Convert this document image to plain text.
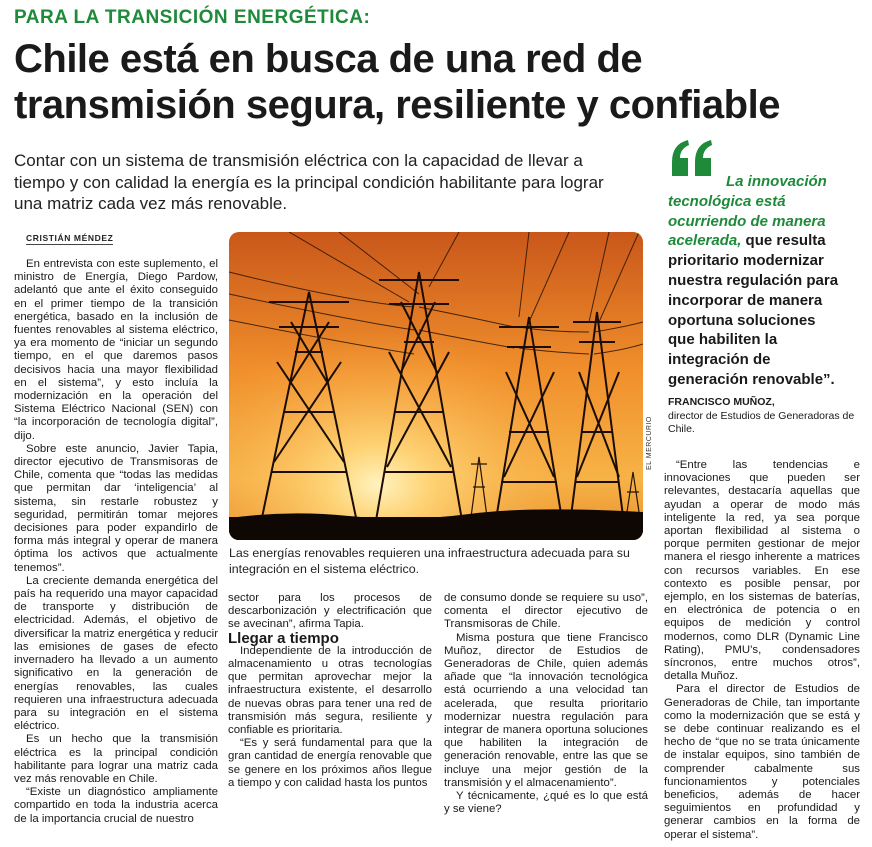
PARA LA TRANSICIÓN ENERGÉTICA:
Chile está en busca de una red de
transmisión segura, resiliente y confiable

Contar con un sistema de transmisión eléctrica con la capacidad de llevar a
tiempo y con calidad la energía es la principal condición habilitante para lograr
una matriz cada vez más renovable.

CRISTIÁN MÉNDEZ

En entrevista con este suplemento, el ministro de Energía, Diego Pardow, adelantó que ante el éxito conseguido en el primer tiempo de la transición energética, basado en la inclusión de fuentes renovables al sistema eléctrico, ya era momento de “iniciar un segundo tiempo, en el que daremos pasos decisivos hacia una mayor flexibilidad en el sistema”, y esto incluía la modernización en la operación del Sistema Eléctrico Nacional (SEN) con “la incorporación de tecnología digital”, dijo.

Sobre este anuncio, Javier Tapia, director ejecutivo de Transmisoras de Chile, comenta que “todas las medidas que permitan dar ‘inteligencia’ al sistema, sin restarle robustez y seguridad, permitirán tomar mejores decisiones para poder expandirlo de forma más integral y operar de manera óptima los activos que actualmente tenemos”.

La creciente demanda energética del país ha requerido una mayor capacidad de transporte y distribución de electricidad. Además, el objetivo de diversificar la matriz energética y reducir las emisiones de gases de efecto invernadero ha llevado a un aumento significativo en la generación de energías renovables, las cuales requieren una infraestructura adecuada para su integración en el sistema eléctrico.

Es un hecho que la transmisión eléctrica es la principal condición habilitante para lograr una matriz cada vez más renovable en Chile.

“Existe un diagnóstico ampliamente compartido en toda la industria acerca de la importancia crucial de nuestro

EL MERCURIO
Las energías renovables requieren una infraestructura adecuada para su
integración en el sistema eléctrico.

sector para los procesos de descarbonización y electrificación que se avecinan”, afirma Tapia.

Llegar a tiempo

Independiente de la introducción de almacenamiento u otras tecnologías que permitan aprovechar mejor la infraestructura existente, el desarrollo de nuevas obras para tener una red de transmisión más segura, resiliente y confiable es prioritaria.

“Es y será fundamental para que la gran cantidad de energía renovable que se genere en los próximos años llegue a tiempo y con calidad hasta los puntos

de consumo donde se requiere su uso”, comenta el director ejecutivo de Transmisoras de Chile.

Misma postura que tiene Francisco Muñoz, director de Estudios de Generadoras de Chile, quien además añade que “la innovación tecnológica está ocurriendo a una velocidad tan acelerada, que resulta prioritario modernizar nuestra regulación para integrar de manera oportuna soluciones que habiliten la integración de generación renovable, entre las que se incluye una mejor gestión de la transmisión y el almacenamiento”.

Y técnicamente, ¿qué es lo que está y se viene?

La innovación
tecnológica está
ocurriendo de manera
acelerada, que resulta
prioritario modernizar
nuestra regulación para
incorporar de manera
oportuna soluciones
que habiliten la
integración de
generación renovable”.
FRANCISCO MUÑOZ,
director de Estudios de Generadoras de Chile.

“Entre las tendencias e innovaciones que pueden ser relevantes, destacaría aquellas que ayudan a operar de modo más inteligente la red, ya sea porque aportan flexibilidad al sistema o porque permiten gestionar de mejor manera el riesgo inherente a matrices con recursos variables. En ese contexto es posible pensar, por ejemplo, en los sistemas de baterías, en electrónica de potencia o en equipos de medición y control modernos, como DLR (Dynamic Line Rating), PMU’s, condensadores síncronos, entre muchos otros”, detalla Muñoz.

Para el director de Estudios de Generadoras de Chile, tan importante como la modernización que se está y se debe continuar realizando es el hecho de “que no se trata únicamente de instalar equipos, sino también de comprender cabalmente sus funcionamientos y potenciales beneficios, además de hacer seguimientos en profundidad y generar cambios en la forma de operar el sistema”.
